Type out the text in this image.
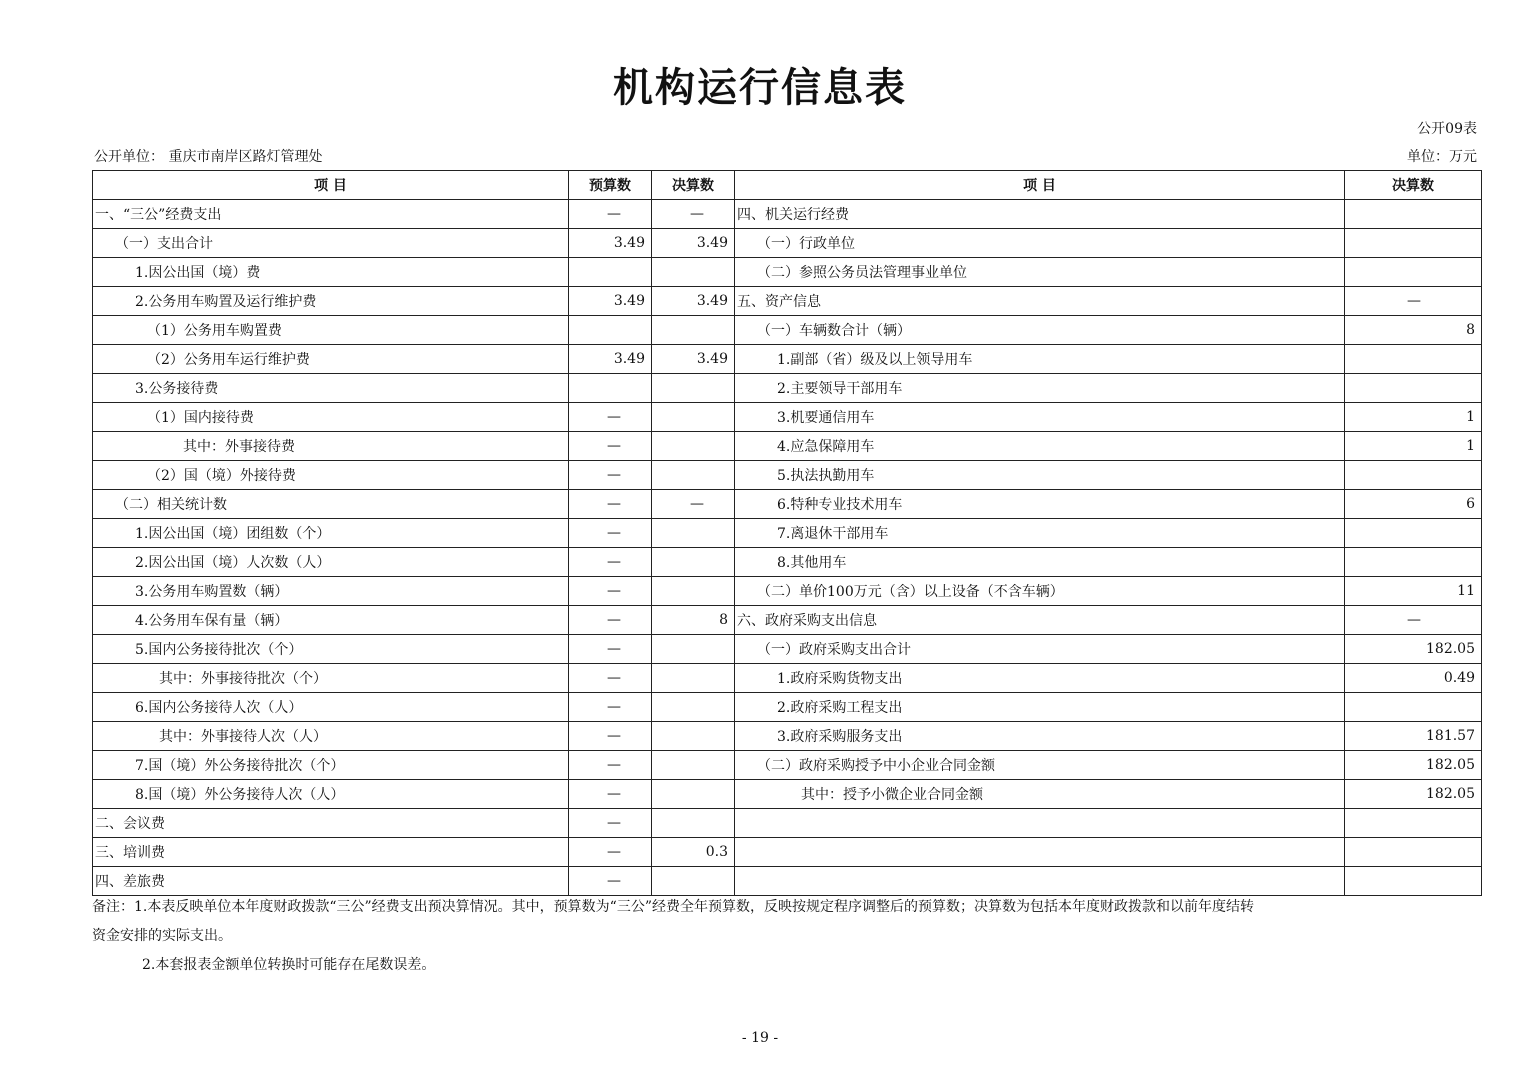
机构运行信息表
公开09表
公开单位： 重庆市南岸区路灯管理处	单位：万元
项 目	预算数	决算数	项 目	决算数
一、“三公”经费支出	—	—	四、机关运行经费	
（一）支出合计	3.49	3.49	（一）行政单位	
1.因公出国（境）费			（二）参照公务员法管理事业单位	
2.公务用车购置及运行维护费	3.49	3.49	五、资产信息	—
（1）公务用车购置费			（一）车辆数合计（辆）	8
（2）公务用车运行维护费	3.49	3.49	1.副部（省）级及以上领导用车	
3.公务接待费			2.主要领导干部用车	
（1）国内接待费	—		3.机要通信用车	1
其中：外事接待费	—		4.应急保障用车	1
（2）国（境）外接待费	—		5.执法执勤用车	
（二）相关统计数	—	—	6.特种专业技术用车	6
1.因公出国（境）团组数（个）	—		7.离退休干部用车	
2.因公出国（境）人次数（人）	—		8.其他用车	
3.公务用车购置数（辆）	—		（二）单价100万元（含）以上设备（不含车辆）	11
4.公务用车保有量（辆）	—	8	六、政府采购支出信息	—
5.国内公务接待批次（个）	—		（一）政府采购支出合计	182.05
其中：外事接待批次（个）	—		1.政府采购货物支出	0.49
6.国内公务接待人次（人）	—		2.政府采购工程支出	
其中：外事接待人次（人）	—		3.政府采购服务支出	181.57
7.国（境）外公务接待批次（个）	—		（二）政府采购授予中小企业合同金额	182.05
8.国（境）外公务接待人次（人）	—		其中：授予小微企业合同金额	182.05
二、会议费	—			
三、培训费	—	0.3		
四、差旅费	—			
备注：1.本表反映单位本年度财政拨款“三公”经费支出预决算情况。其中，预算数为“三公”经费全年预算数，反映按规定程序调整后的预算数；决算数为包括本年度财政拨款和以前年度结转
资金安排的实际支出。
2.本套报表金额单位转换时可能存在尾数误差。
- 19 -
